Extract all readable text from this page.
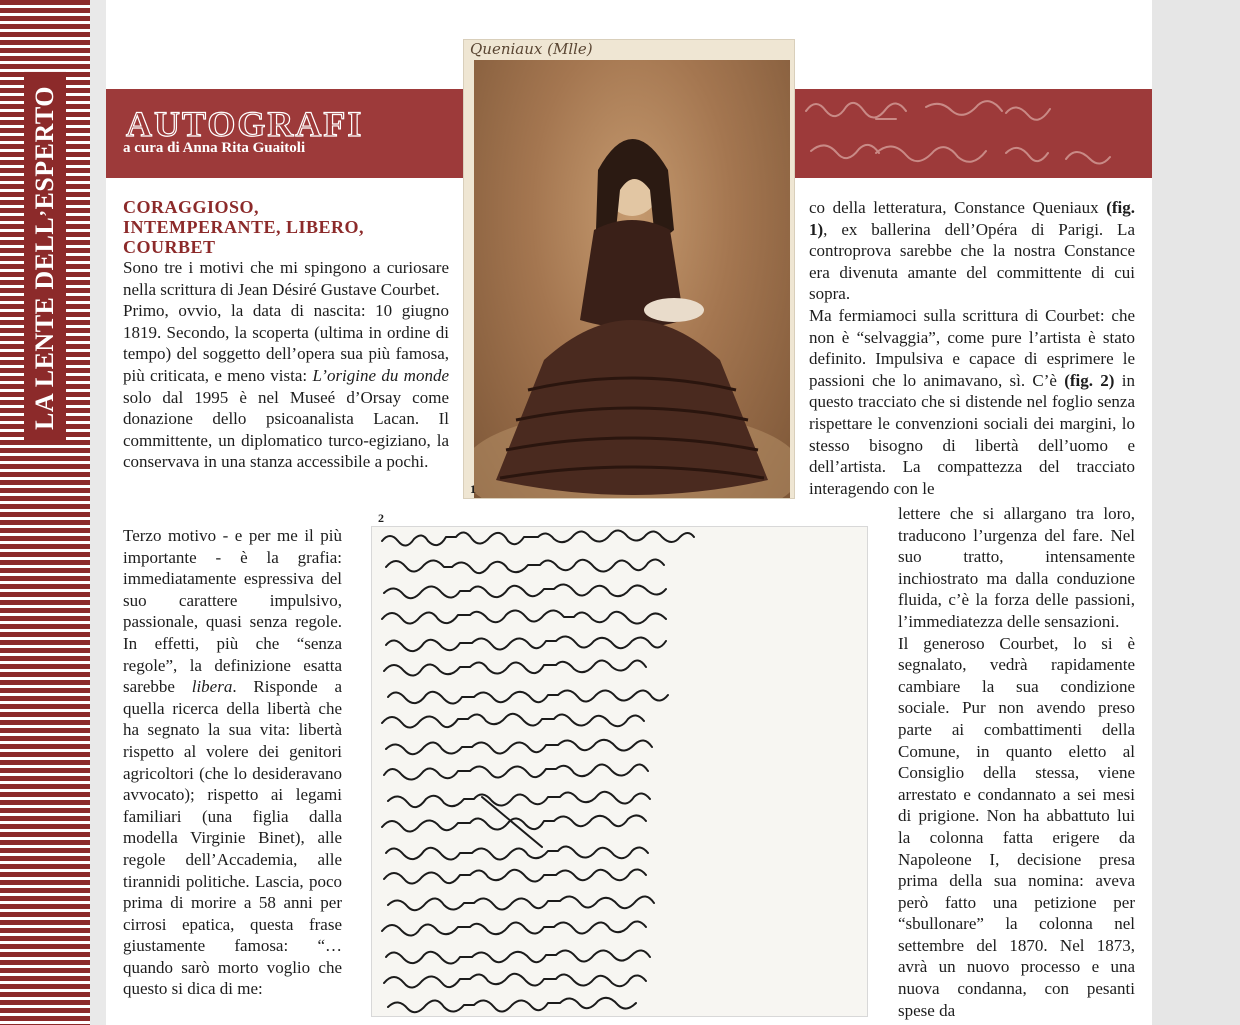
LA LENTE DELL’ESPERTO AUTOGRAFI
a cura di Anna Rita Guaitoli
Queniaux (Mlle)
1
2
CORAGGIOSO,
INTEMPERANTE, LIBERO,
COURBET

Sono tre i motivi che mi spingono a curiosare nella scrittura di Jean Désiré Gustave Courbet.

Primo, ovvio, la data di nascita: 10 giugno 1819. Secondo, la scoperta (ultima in ordine di tempo) del soggetto dell’opera sua più famosa, più criticata, e meno vista: L’origine du monde solo dal 1995 è nel Museé d’Orsay come donazione dello psicoanalista Lacan. Il committente, un diplomatico turco-egiziano, la conservava in una stanza accessibile a pochi.

Terzo motivo - e per me il più importante - è la grafia: immediatamente espressiva del suo carattere impulsivo, passionale, quasi senza regole. In effetti, più che “senza regole”, la definizione esatta sarebbe libera. Risponde a quella ricerca della libertà che ha segnato la sua vita: libertà rispetto al volere dei genitori agricoltori (che lo desideravano avvocato); rispetto ai legami familiari (una figlia dalla modella Virginie Binet), alle regole dell’Accademia, alle tirannidi politiche. Lascia, poco prima di morire a 58 anni per cirrosi epatica, questa frase giustamente famosa: “… quando sarò morto voglio che questo si dica di me:

co della letteratura, Constance Queniaux (fig. 1), ex ballerina dell’Opéra di Parigi. La controprova sarebbe che la nostra Constance era divenuta amante del committente di cui sopra.

Ma fermiamoci sulla scrittura di Courbet: che non è “selvaggia”, come pure l’artista è stato definito. Impulsiva e capace di esprimere le passioni che lo animavano, sì. C’è (fig. 2) in questo tracciato che si distende nel foglio senza rispettare le convenzioni sociali dei margini, lo stesso bisogno di libertà dell’uomo e dell’artista. La compattezza del tracciato interagendo con le

lettere che si allargano tra loro, traducono l’urgenza del fare. Nel suo tratto, intensamente inchiostrato ma dalla conduzione fluida, c’è la forza delle passioni, l’immediatezza delle sensazioni.

Il generoso Courbet, lo si è segnalato, vedrà rapidamente cambiare la sua condizione sociale. Pur non avendo preso parte ai combattimenti della Comune, in quanto eletto al Consiglio della stessa, viene arrestato e condannato a sei mesi di prigione. Non ha abbattuto lui la colonna fatta erigere da Napoleone I, decisione presa prima della sua nomina: aveva però fatto una petizione per “sbullonare” la colonna nel settembre del 1870. Nel 1873, avrà un nuovo processo e una nuova condanna, con pesanti spese da
